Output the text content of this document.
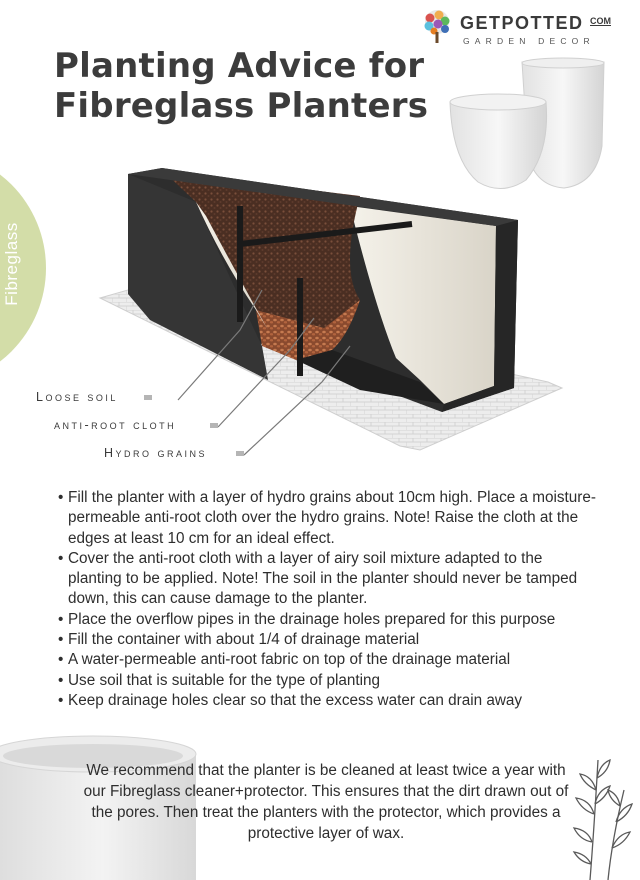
Fibreglass
GETPOTTED COM
GARDEN DECOR
Planting Advice for
Fibreglass Planters
Loose soil
anti-root cloth
Hydro grains
• Fill the planter with a layer of hydro grains about 10cm high. Place a moisture-permeable anti-root cloth over the hydro grains. Note! Raise the cloth at the edges at least 10 cm for an ideal effect.
• Cover the anti-root cloth with a layer of airy soil mixture adapted to the planting to be applied. Note! The soil in the planter should never be tamped down, this can cause damage to the planter.
• Place the overflow pipes in the drainage holes prepared for this purpose
• Fill the container with about 1/4 of drainage material
• A water-permeable anti-root fabric on top of the drainage material
• Use soil that is suitable for the type of planting
• Keep drainage holes clear so that the excess water can drain away
We recommend that the planter is be cleaned at least twice a year with our Fibreglass cleaner+protector. This ensures that the dirt drawn out of the pores. Then treat the planters with the protector, which provides a protective layer of wax.
